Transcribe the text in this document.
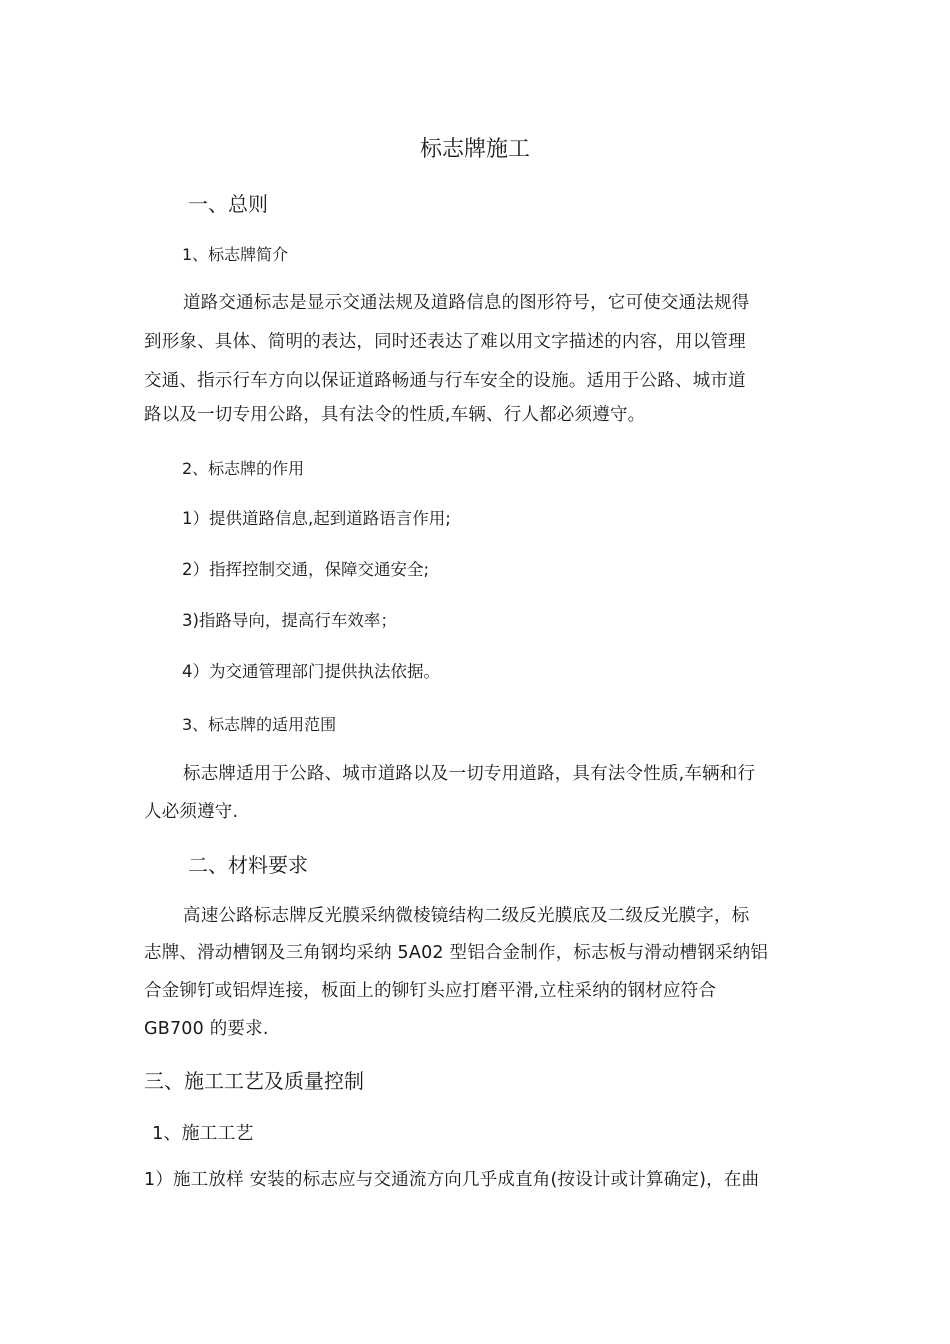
标志牌施工
一、总则
1、标志牌简介
道路交通标志是显示交通法规及道路信息的图形符号，它可使交通法规得
到形象、具体、简明的表达，同时还表达了难以用文字描述的内容，用以管理
交通、指示行车方向以保证道路畅通与行车安全的设施。适用于公路、城市道
路以及一切专用公路，具有法令的性质,车辆、行人都必须遵守。
2、标志牌的作用
1）提供道路信息,起到道路语言作用;
2）指挥控制交通，保障交通安全;
3)指路导向，提高行车效率；
4）为交通管理部门提供执法依据。
3、标志牌的适用范围
标志牌适用于公路、城市道路以及一切专用道路，具有法令性质,车辆和行
人必须遵守.
二、材料要求
高速公路标志牌反光膜采纳微棱镜结构二级反光膜底及二级反光膜字，标
志牌、滑动槽钢及三角钢均采纳 5A02 型铝合金制作，标志板与滑动槽钢采纳铝
合金铆钉或铝焊连接，板面上的铆钉头应打磨平滑,立柱采纳的钢材应符合
GB700 的要求.
三、施工工艺及质量控制
1、施工工艺
1）施工放样 安装的标志应与交通流方向几乎成直角(按设计或计算确定)，在曲
